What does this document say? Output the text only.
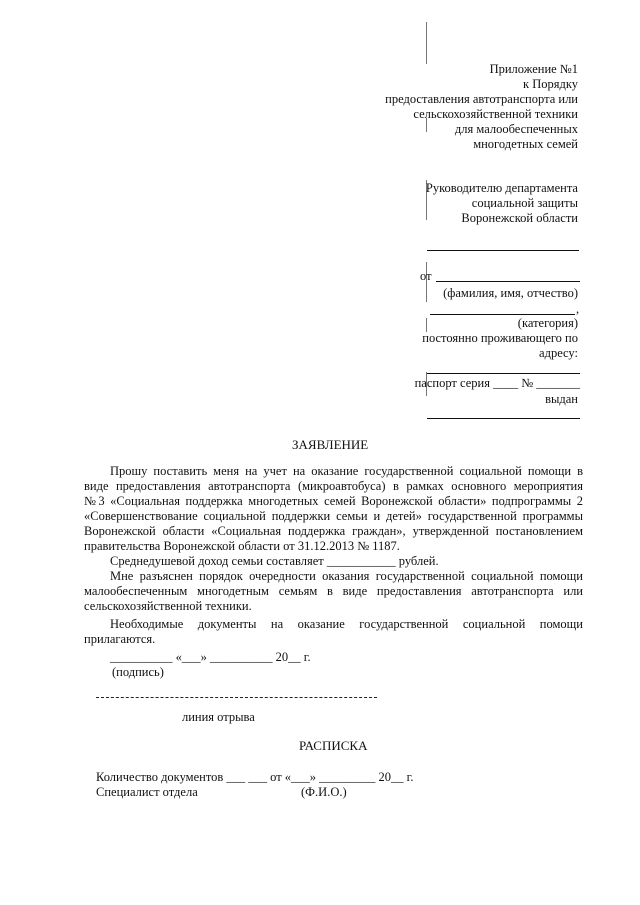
Приложение №1
к Порядку
предоставления автотранспорта или
сельскохозяйственной техники
для малообеспеченных
многодетных семей
Руководителю департамента
социальной защиты
Воронежской области
от
(фамилия, имя, отчество)
,
(категория)
постоянно проживающего по
адресу:
паспорт серия ____ № _______
выдан
ЗАЯВЛЕНИЕ
Прошу поставить меня на учет на оказание государственной социальной помощи в
виде предоставления автотранспорта (микроавтобуса) в рамках основного мероприятия
№3 «Социальная поддержка многодетных семей Воронежской области» подпрограммы 2
«Совершенствование социальной поддержки семьи и детей» государственной программы
Воронежской области «Социальная поддержка граждан», утвержденной постановлением
правительства Воронежской области от 31.12.2013 № 1187.
Среднедушевой доход семьи составляет ___________ рублей.
Мне разъяснен порядок очередности оказания государственной социальной помощи
малообеспеченным многодетным семьям в виде предоставления автотранспорта или
сельскохозяйственной техники.
Необходимые документы на оказание государственной социальной помощи
прилагаются.
__________ «___» __________ 20__ г.
(подпись)
линия отрыва
РАСПИСКА
Количество документов ___ ___ от «___» _________ 20__ г.
Специалист отдела	(Ф.И.О.)
